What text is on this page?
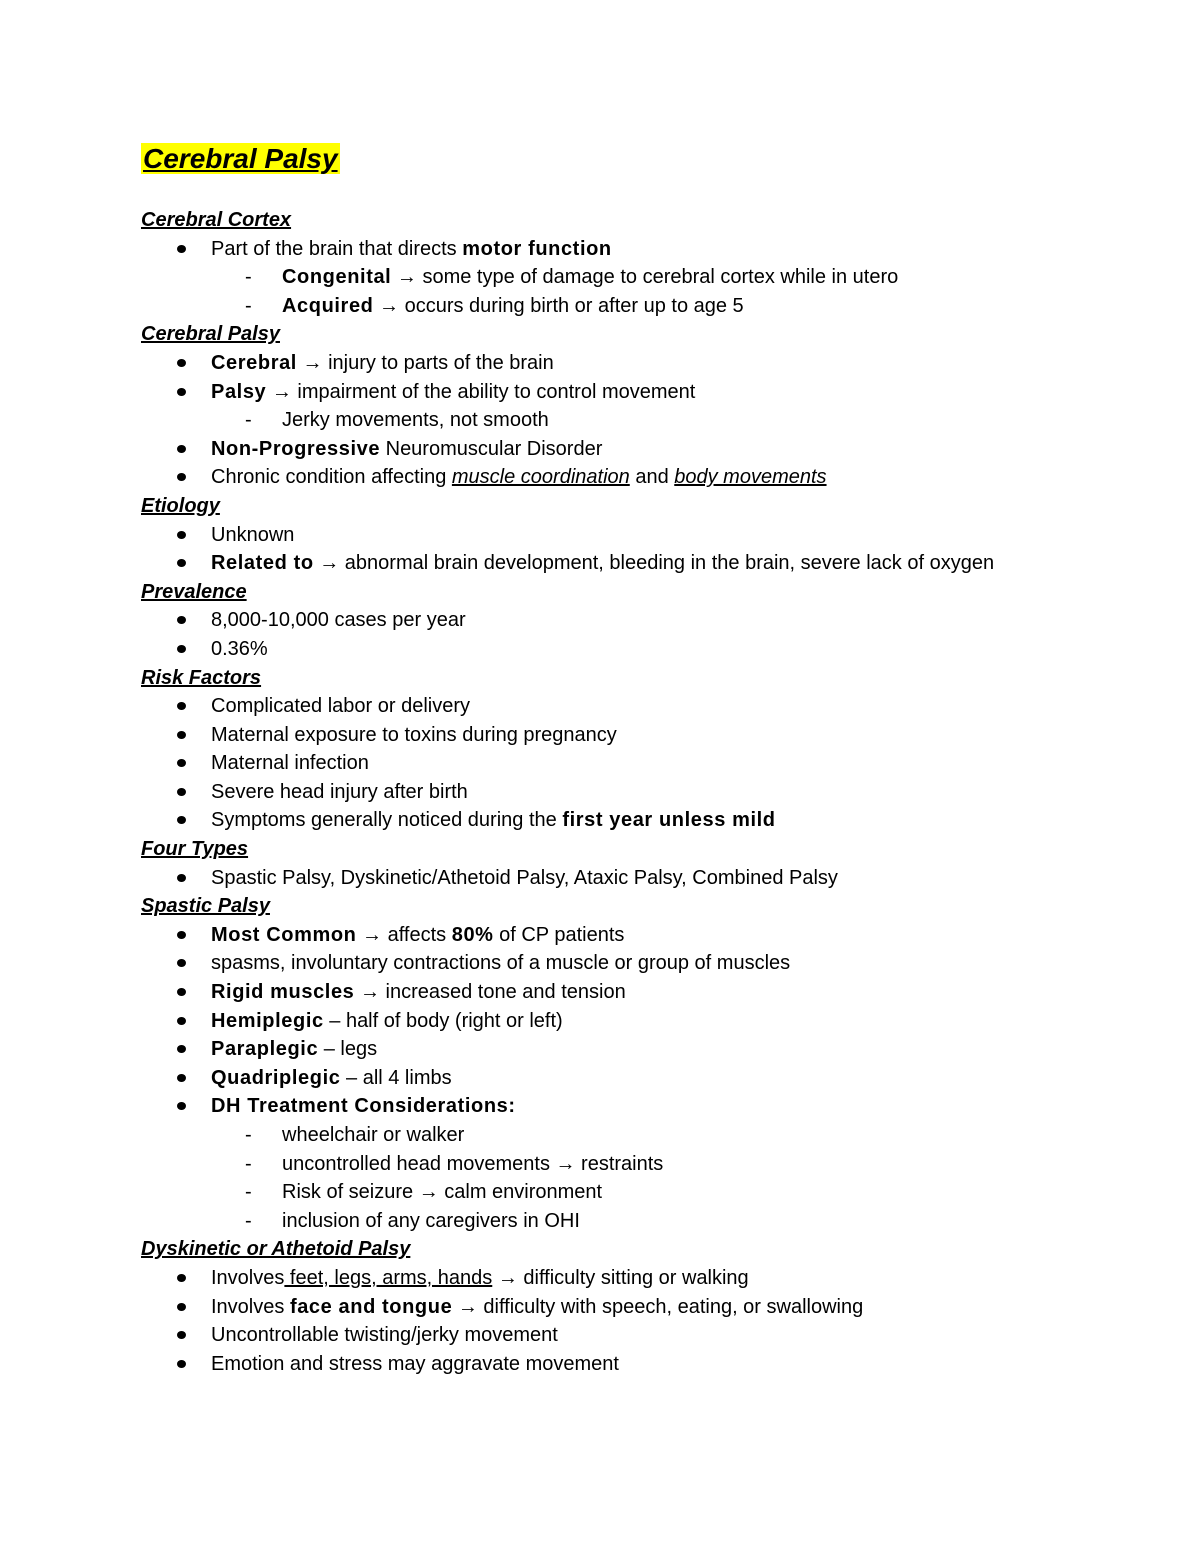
Cerebral Palsy
Cerebral Cortex
Part of the brain that directs motor function
- Congenital → some type of damage to cerebral cortex while in utero
- Acquired → occurs during birth or after up to age 5
Cerebral Palsy
Cerebral → injury to parts of the brain
Palsy → impairment of the ability to control movement
- Jerky movements, not smooth
Non-Progressive Neuromuscular Disorder
Chronic condition affecting muscle coordination and body movements
Etiology
Unknown
Related to → abnormal brain development, bleeding in the brain, severe lack of oxygen
Prevalence
8,000-10,000 cases per year
0.36%
Risk Factors
Complicated labor or delivery
Maternal exposure to toxins during pregnancy
Maternal infection
Severe head injury after birth
Symptoms generally noticed during the first year unless mild
Four Types
Spastic Palsy, Dyskinetic/Athetoid Palsy, Ataxic Palsy, Combined Palsy
Spastic Palsy
Most Common → affects 80% of CP patients
spasms, involuntary contractions of a muscle or group of muscles
Rigid muscles → increased tone and tension
Hemiplegic – half of body (right or left)
Paraplegic – legs
Quadriplegic – all 4 limbs
DH Treatment Considerations:
- wheelchair or walker
- uncontrolled head movements → restraints
- Risk of seizure → calm environment
- inclusion of any caregivers in OHI
Dyskinetic or Athetoid Palsy
Involves feet, legs, arms, hands → difficulty sitting or walking
Involves face and tongue → difficulty with speech, eating, or swallowing
Uncontrollable twisting/jerky movement
Emotion and stress may aggravate movement
